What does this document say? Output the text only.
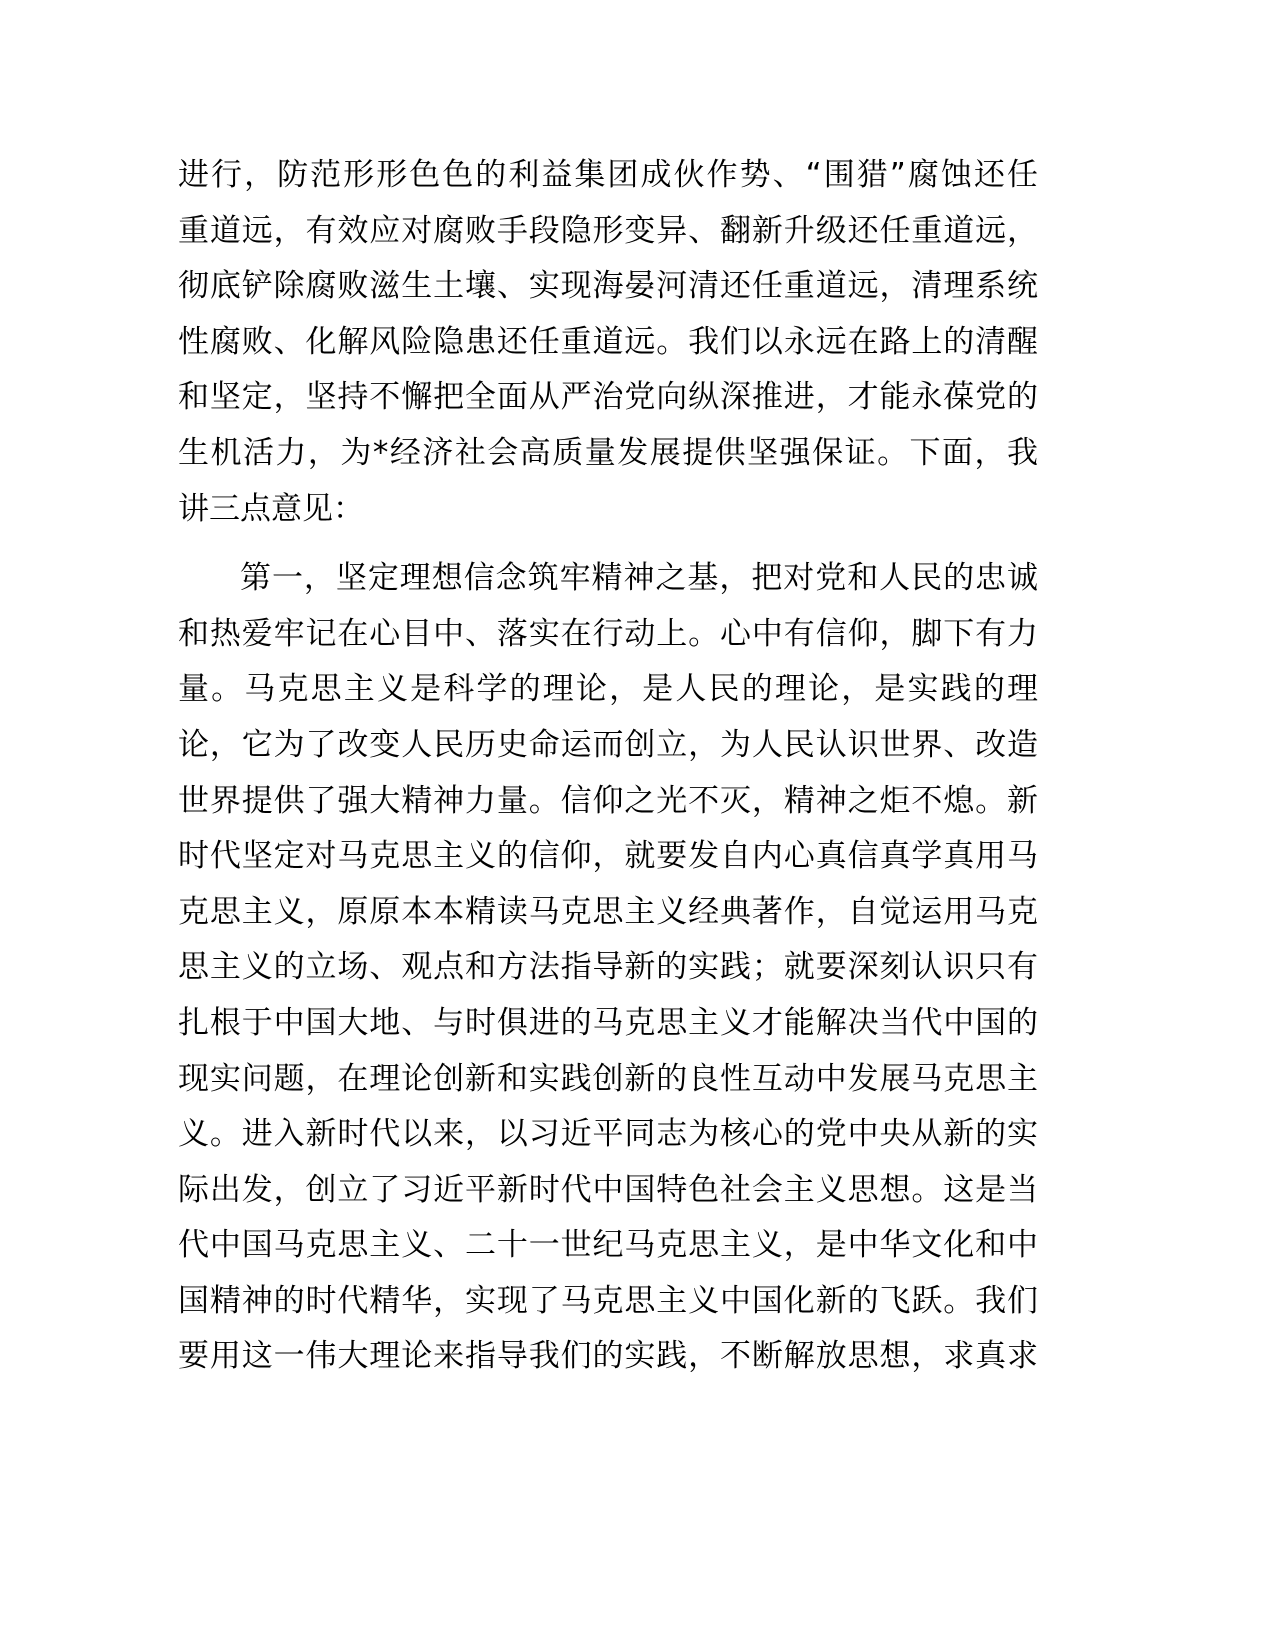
进行，防范形形色色的利益集团成伙作势、“围猎”腐蚀还任
重道远，有效应对腐败手段隐形变异、翻新升级还任重道远，
彻底铲除腐败滋生土壤、实现海晏河清还任重道远，清理系统
性腐败、化解风险隐患还任重道远。我们以永远在路上的清醒
和坚定，坚持不懈把全面从严治党向纵深推进，才能永葆党的
生机活力，为*经济社会高质量发展提供坚强保证。下面，我
讲三点意见：
第一，坚定理想信念筑牢精神之基，把对党和人民的忠诚
和热爱牢记在心目中、落实在行动上。心中有信仰，脚下有力
量。马克思主义是科学的理论，是人民的理论，是实践的理
论，它为了改变人民历史命运而创立，为人民认识世界、改造
世界提供了强大精神力量。信仰之光不灭，精神之炬不熄。新
时代坚定对马克思主义的信仰，就要发自内心真信真学真用马
克思主义，原原本本精读马克思主义经典著作，自觉运用马克
思主义的立场、观点和方法指导新的实践；就要深刻认识只有
扎根于中国大地、与时俱进的马克思主义才能解决当代中国的
现实问题，在理论创新和实践创新的良性互动中发展马克思主
义。进入新时代以来，以习近平同志为核心的党中央从新的实
际出发，创立了习近平新时代中国特色社会主义思想。这是当
代中国马克思主义、二十一世纪马克思主义，是中华文化和中
国精神的时代精华，实现了马克思主义中国化新的飞跃。我们
要用这一伟大理论来指导我们的实践，不断解放思想，求真求
